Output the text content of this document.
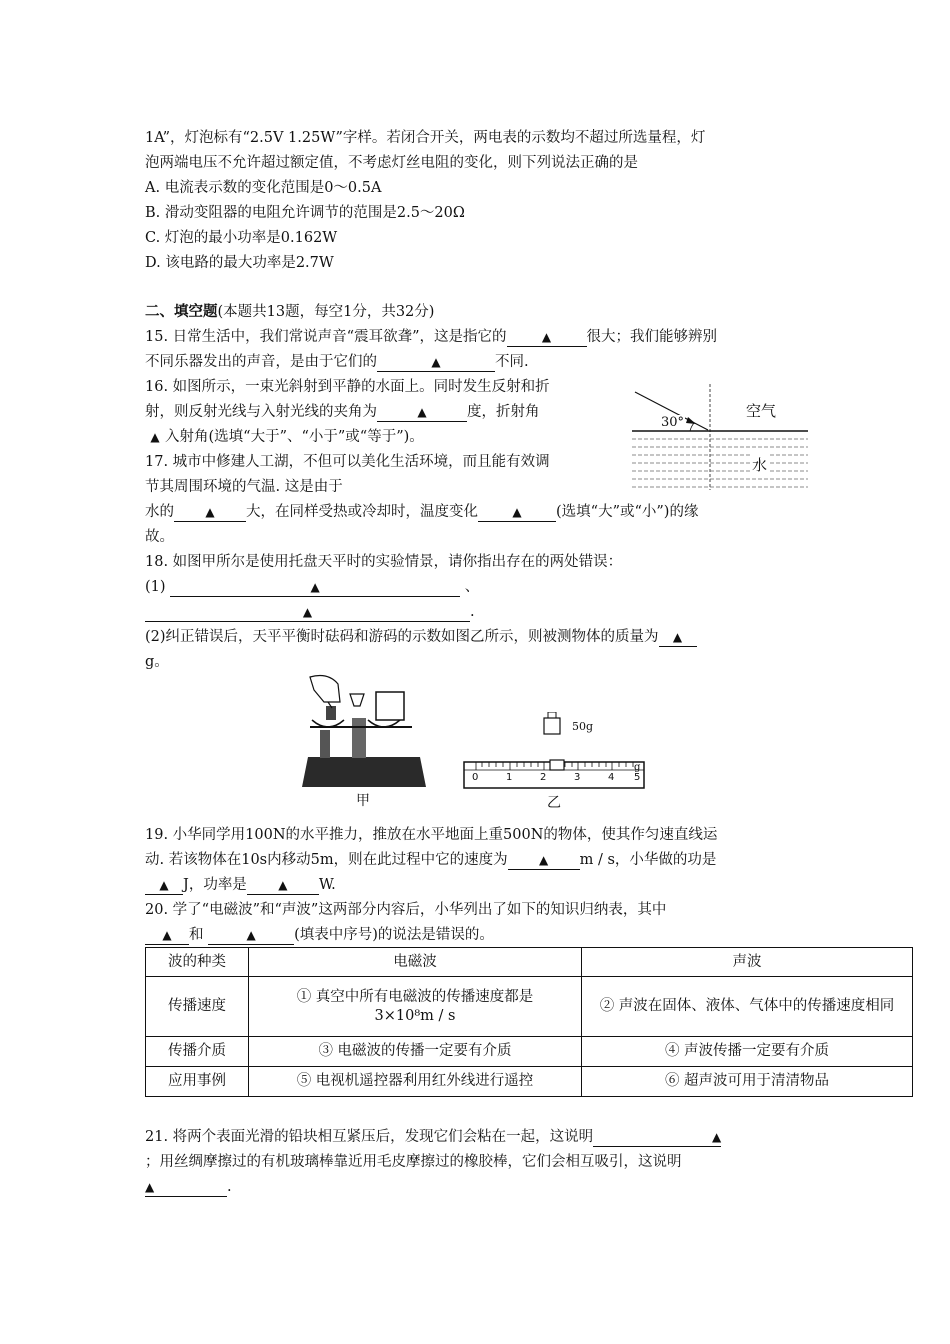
1A”，灯泡标有“2.5V 1.25W”字样。若闭合开关，两电表的示数均不超过所选量程，灯
泡两端电压不允许超过额定值，不考虑灯丝电阻的变化，则下列说法正确的是
A. 电流表示数的变化范围是0～0.5A
B. 滑动变阻器的电阻允许调节的范围是2.5～20Ω
C. 灯泡的最小功率是0.162W
D. 该电路的最大功率是2.7W
二、填空题(本题共13题，每空1分，共32分)
15. 日常生活中，我们常说声音“震耳欲聋”，这是指它的	▲ 很大；我们能够辨别
不同乐器发出的声音，是由于它们的	▲	不同.
16. 如图所示，一束光斜射到平静的水面上。同时发生反射和折
射，则反射光线与入射光线的夹角为	▲	度，折射角
▲ 入射角(选填“大于”、“小于”或“等于”)。
30°
空气
水
17. 城市中修建人工湖，不但可以美化生活环境，而且能有效调
节其周围环境的气温. 这是由于
水的	▲ 大，在同样受热或冷却时，温度变化	▲ (选填“大”或“小”)的缘
故。
18. 如图甲所尔是使用托盘天平时的实验情景，请你指出存在的两处错误：
(1)	▲	、
▲	.
(2)纠正错误后，天平平衡时砝码和游码的示数如图乙所示，则被测物体的质量为 ▲
g。
甲
50g
0	1	2	3	4 5
g
乙
19. 小华同学用100N的水平推力，推放在水平地面上重500N的物体，使其作匀速直线运
动. 若该物体在10s内移动5m，则在此过程中它的速度为	▲ m / s，小华做的功是
▲ J，功率是	▲ W.
20. 学了“电磁波”和“声波”这两部分内容后，小华列出了如下的知识归纳表，其中
▲ 和	▲	(填表中序号)的说法是错误的。
波的种类	电磁波	声波
传播速度	① 真空中所有电磁波的传播速度都是
3×10⁸m / s	② 声波在固体、液体、气体中的传播速度相同
传播介质	③ 电磁波的传播一定要有介质	④ 声波传播一定要有介质
应用事例	⑤ 电视机遥控器利用红外线进行遥控	⑥ 超声波可用于清清物品
21. 将两个表面光滑的铅块相互紧压后，发现它们会粘在一起，这说明	▲
；用丝绸摩擦过的有机玻璃棒靠近用毛皮摩擦过的橡胶棒，它们会相互吸引，这说明
▲	.
